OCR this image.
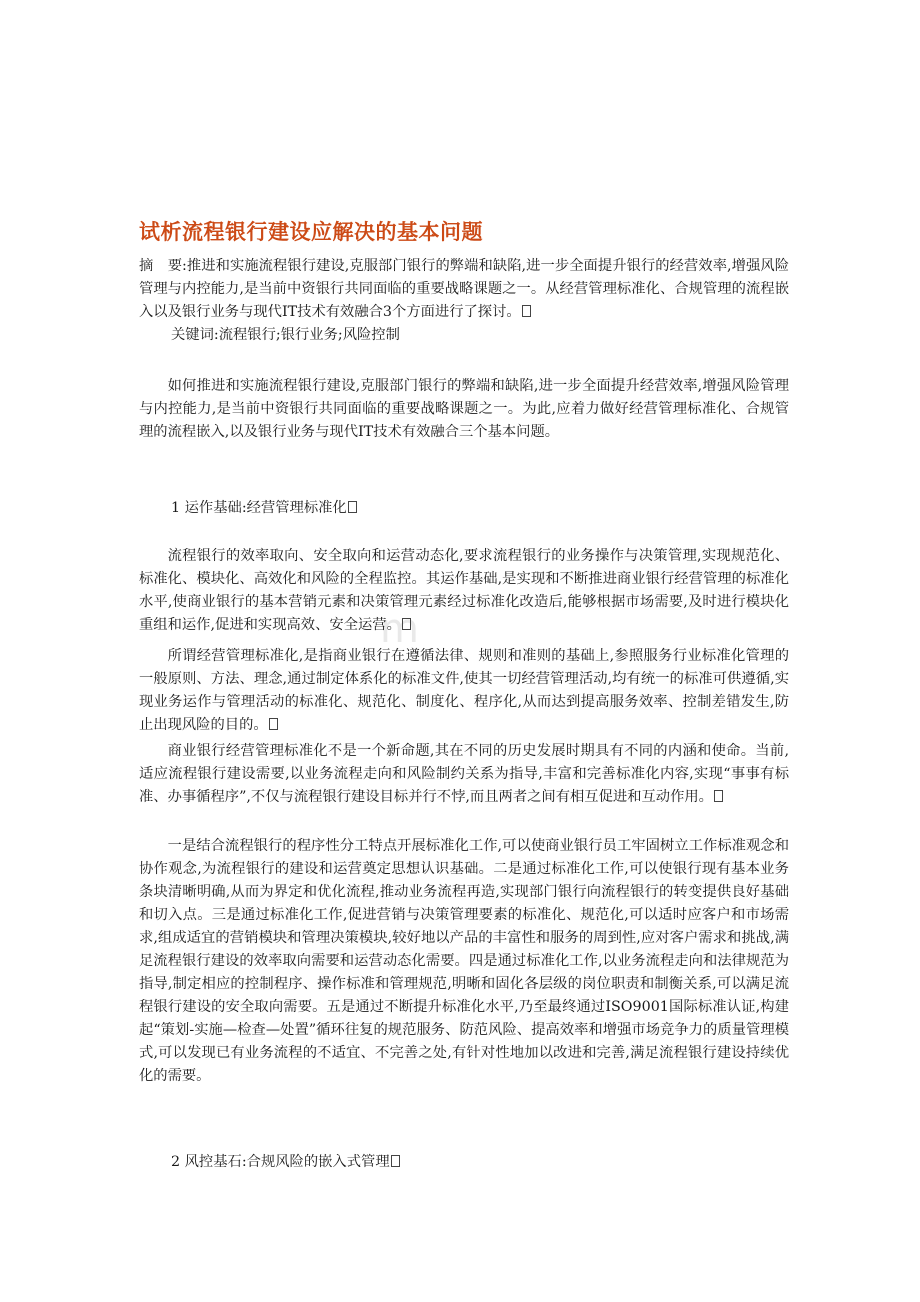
m
试析流程银行建设应解决的基本问题

摘　要:推进和实施流程银行建设,克服部门银行的弊端和缺陷,进一步全面提升银行的经营效率,增强风险管理与内控能力,是当前中资银行共同面临的重要战略课题之一。从经营管理标准化、合规管理的流程嵌入以及银行业务与现代IT技术有效融合3个方面进行了探讨。

关键词:流程银行;银行业务;风险控制

如何推进和实施流程银行建设,克服部门银行的弊端和缺陷,进一步全面提升经营效率,增强风险管理与内控能力,是当前中资银行共同面临的重要战略课题之一。为此,应着力做好经营管理标准化、合规管理的流程嵌入,以及银行业务与现代IT技术有效融合三个基本问题。

1 运作基础:经营管理标准化

流程银行的效率取向、安全取向和运营动态化,要求流程银行的业务操作与决策管理,实现规范化、标准化、模块化、高效化和风险的全程监控。其运作基础,是实现和不断推进商业银行经营管理的标准化水平,使商业银行的基本营销元素和决策管理元素经过标准化改造后,能够根据市场需要,及时进行模块化重组和运作,促进和实现高效、安全运营。

所谓经营管理标准化,是指商业银行在遵循法律、规则和准则的基础上,参照服务行业标准化管理的一般原则、方法、理念,通过制定体系化的标准文件,使其一切经营管理活动,均有统一的标准可供遵循,实现业务运作与管理活动的标准化、规范化、制度化、程序化,从而达到提高服务效率、控制差错发生,防止出现风险的目的。

商业银行经营管理标准化不是一个新命题,其在不同的历史发展时期具有不同的内涵和使命。当前,适应流程银行建设需要,以业务流程走向和风险制约关系为指导,丰富和完善标准化内容,实现“事事有标准、办事循程序”,不仅与流程银行建设目标并行不悖,而且两者之间有相互促进和互动作用。

一是结合流程银行的程序性分工特点开展标准化工作,可以使商业银行员工牢固树立工作标准观念和协作观念,为流程银行的建设和运营奠定思想认识基础。二是通过标准化工作,可以使银行现有基本业务条块清晰明确,从而为界定和优化流程,推动业务流程再造,实现部门银行向流程银行的转变提供良好基础和切入点。三是通过标准化工作,促进营销与决策管理要素的标准化、规范化,可以适时应客户和市场需求,组成适宜的营销模块和管理决策模块,较好地以产品的丰富性和服务的周到性,应对客户需求和挑战,满足流程银行建设的效率取向需要和运营动态化需要。四是通过标准化工作,以业务流程走向和法律规范为指导,制定相应的控制程序、操作标准和管理规范,明晰和固化各层级的岗位职责和制衡关系,可以满足流程银行建设的安全取向需要。五是通过不断提升标准化水平,乃至最终通过ISO9001国际标准认证,构建起“策划-实施—检查—处置”循环往复的规范服务、防范风险、提高效率和增强市场竞争力的质量管理模式,可以发现已有业务流程的不适宜、不完善之处,有针对性地加以改进和完善,满足流程银行建设持续优化的需要。

2 风控基石:合规风险的嵌入式管理
